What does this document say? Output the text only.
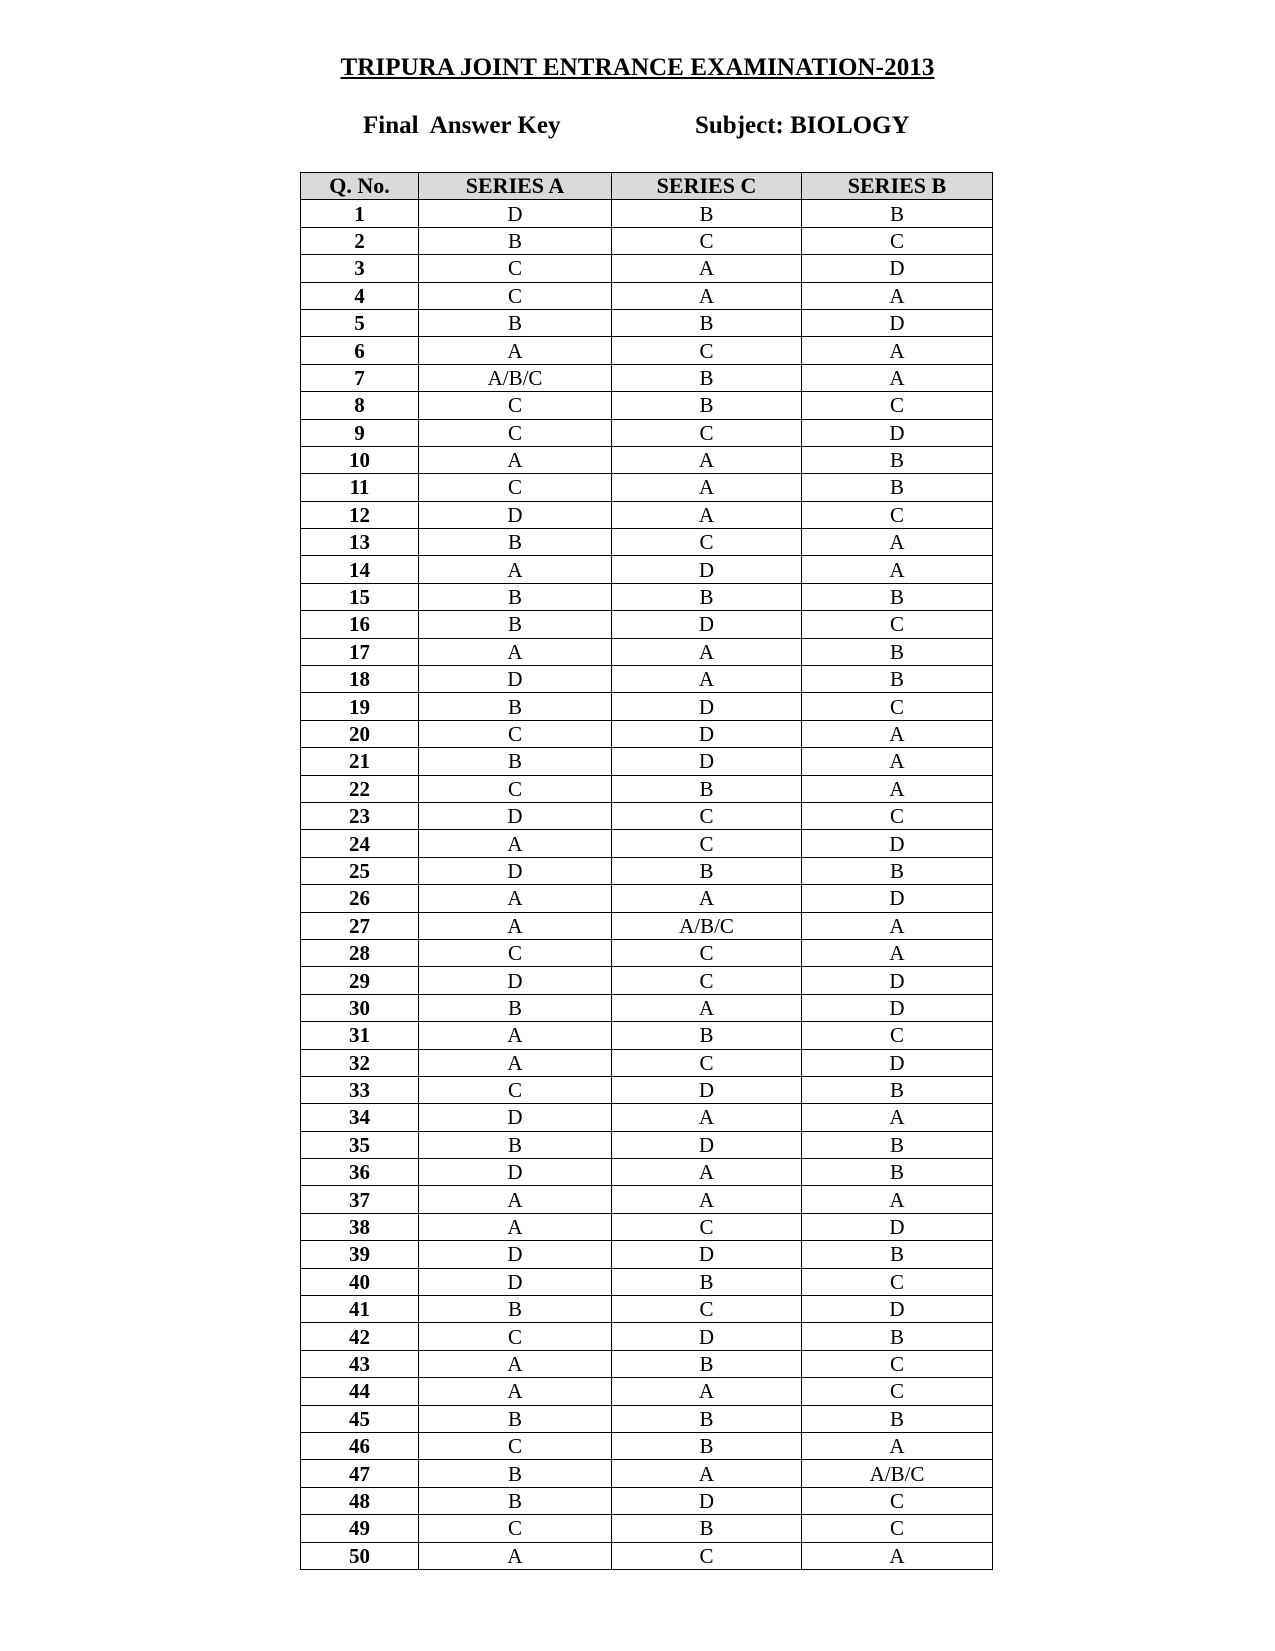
TRIPURA JOINT ENTRANCE EXAMINATION-2013
Final  Answer Key	Subject: BIOLOGY
Q. No.	SERIES A	SERIES C	SERIES B
1	D	B	B
2	B	C	C
3	C	A	D
4	C	A	A
5	B	B	D
6	A	C	A
7	A/B/C	B	A
8	C	B	C
9	C	C	D
10	A	A	B
11	C	A	B
12	D	A	C
13	B	C	A
14	A	D	A
15	B	B	B
16	B	D	C
17	A	A	B
18	D	A	B
19	B	D	C
20	C	D	A
21	B	D	A
22	C	B	A
23	D	C	C
24	A	C	D
25	D	B	B
26	A	A	D
27	A	A/B/C	A
28	C	C	A
29	D	C	D
30	B	A	D
31	A	B	C
32	A	C	D
33	C	D	B
34	D	A	A
35	B	D	B
36	D	A	B
37	A	A	A
38	A	C	D
39	D	D	B
40	D	B	C
41	B	C	D
42	C	D	B
43	A	B	C
44	A	A	C
45	B	B	B
46	C	B	A
47	B	A	A/B/C
48	B	D	C
49	C	B	C
50	A	C	A
